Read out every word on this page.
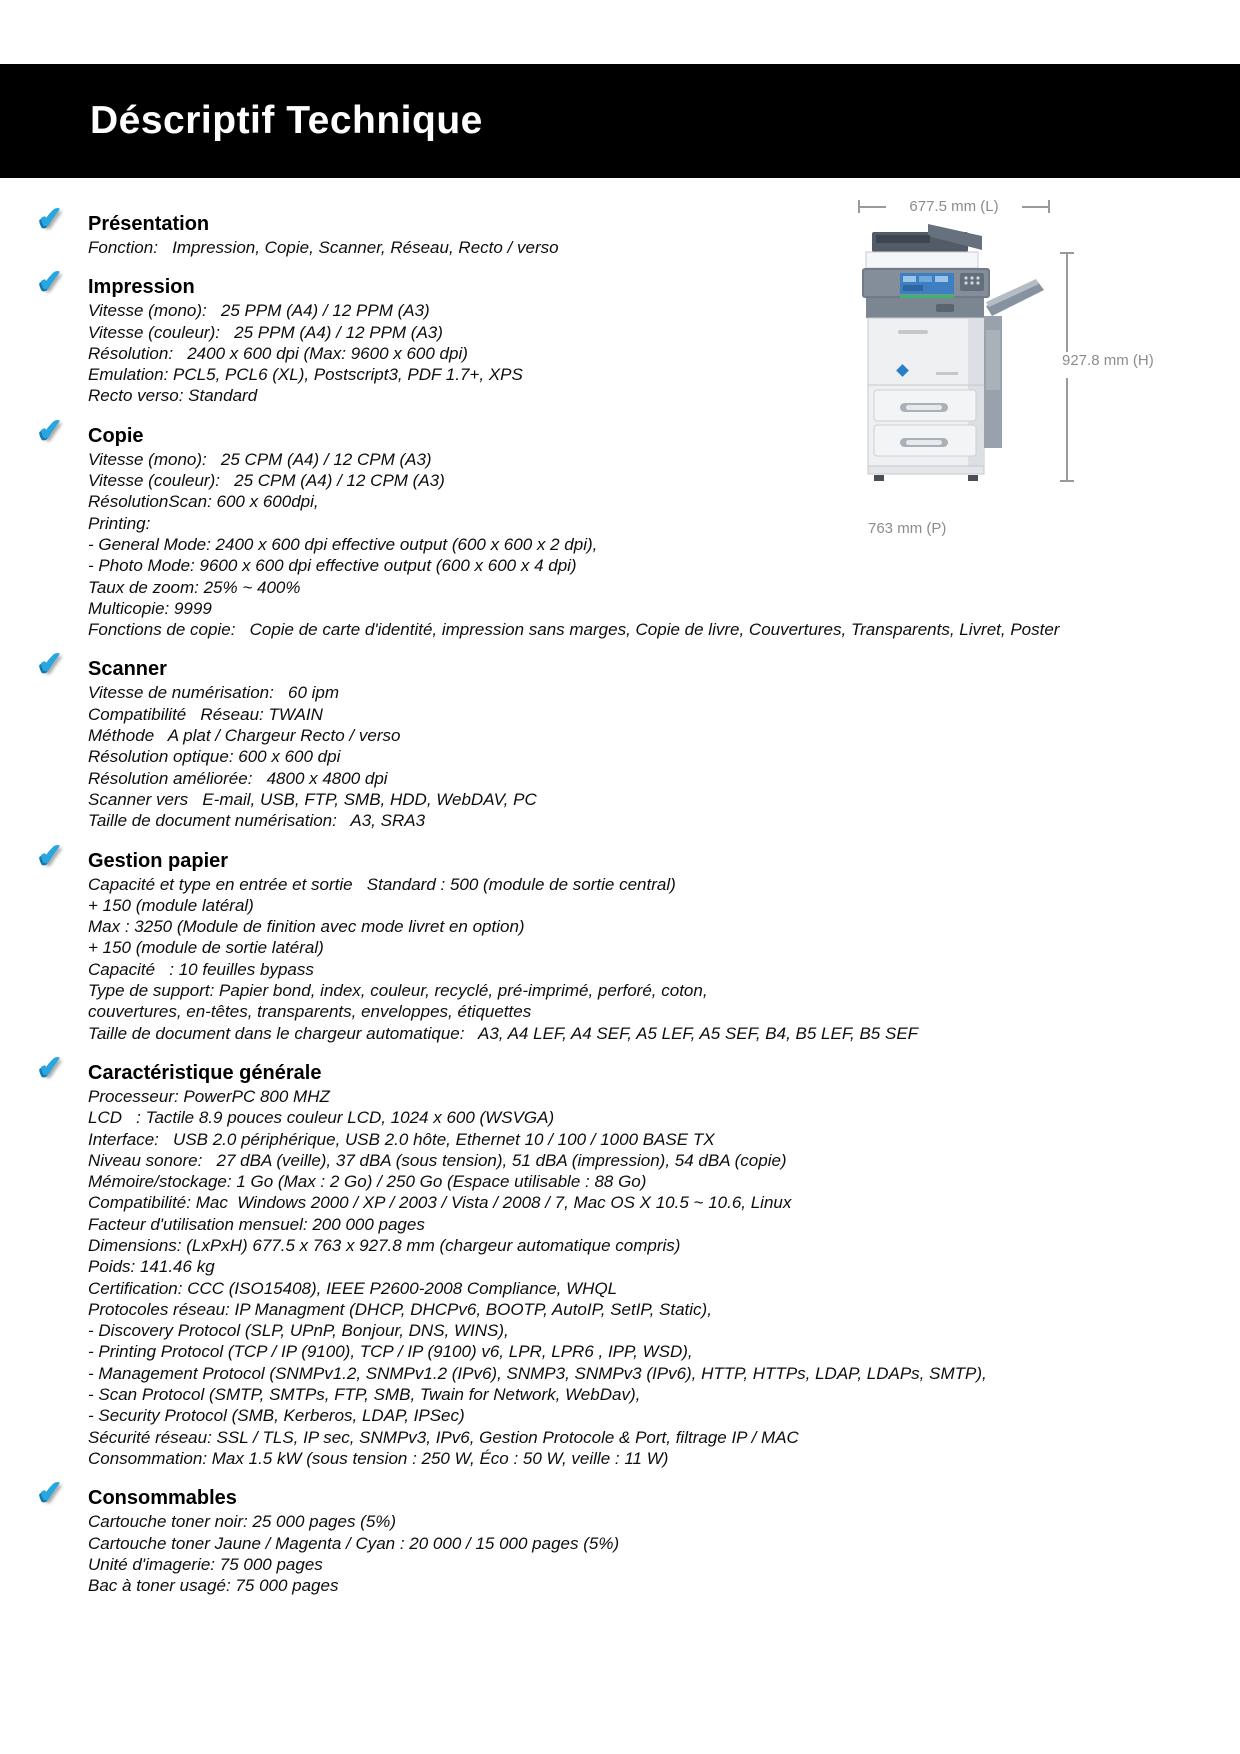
Déscriptif Technique
✔ Présentation
Fonction:   Impression, Copie, Scanner, Réseau, Recto / verso
✔ Impression
Vitesse (mono):   25 PPM (A4) / 12 PPM (A3)
Vitesse (couleur):   25 PPM (A4) / 12 PPM (A3)
Résolution:   2400 x 600 dpi (Max: 9600 x 600 dpi)
Emulation: PCL5, PCL6 (XL), Postscript3, PDF 1.7+, XPS
Recto verso: Standard
✔ Copie
Vitesse (mono):   25 CPM (A4) / 12 CPM (A3)
Vitesse (couleur):   25 CPM (A4) / 12 CPM (A3)
RésolutionScan: 600 x 600dpi,
Printing:
- General Mode: 2400 x 600 dpi effective output (600 x 600 x 2 dpi),
- Photo Mode: 9600 x 600 dpi effective output (600 x 600 x 4 dpi)
Taux de zoom: 25% ~ 400%
Multicopie: 9999
Fonctions de copie:   Copie de carte d'identité, impression sans marges, Copie de livre, Couvertures, Transparents, Livret, Poster
✔ Scanner
Vitesse de numérisation:   60 ipm
Compatibilité   Réseau: TWAIN
Méthode   A plat / Chargeur Recto / verso
Résolution optique: 600 x 600 dpi
Résolution améliorée:   4800 x 4800 dpi
Scanner vers   E-mail, USB, FTP, SMB, HDD, WebDAV, PC
Taille de document numérisation:   A3, SRA3
✔ Gestion papier
Capacité et type en entrée et sortie   Standard : 500 (module de sortie central)
+ 150 (module latéral)
Max : 3250 (Module de finition avec mode livret en option)
+ 150 (module de sortie latéral)
Capacité   : 10 feuilles bypass
Type de support: Papier bond, index, couleur, recyclé, pré-imprimé, perforé, coton,
couvertures, en-têtes, transparents, enveloppes, étiquettes
Taille de document dans le chargeur automatique:   A3, A4 LEF, A4 SEF, A5 LEF, A5 SEF, B4, B5 LEF, B5 SEF
✔ Caractéristique générale
Processeur: PowerPC 800 MHZ
LCD   : Tactile 8.9 pouces couleur LCD, 1024 x 600 (WSVGA)
Interface:   USB 2.0 périphérique, USB 2.0 hôte, Ethernet 10 / 100 / 1000 BASE TX
Niveau sonore:   27 dBA (veille), 37 dBA (sous tension), 51 dBA (impression), 54 dBA (copie)
Mémoire/stockage: 1 Go (Max : 2 Go) / 250 Go (Espace utilisable : 88 Go)
Compatibilité: Mac  Windows 2000 / XP / 2003 / Vista / 2008 / 7, Mac OS X 10.5 ~ 10.6, Linux
Facteur d'utilisation mensuel: 200 000 pages
Dimensions: (LxPxH) 677.5 x 763 x 927.8 mm (chargeur automatique compris)
Poids: 141.46 kg
Certification: CCC (ISO15408), IEEE P2600-2008 Compliance, WHQL
Protocoles réseau: IP Managment (DHCP, DHCPv6, BOOTP, AutoIP, SetIP, Static),
- Discovery Protocol (SLP, UPnP, Bonjour, DNS, WINS),
- Printing Protocol (TCP / IP (9100), TCP / IP (9100) v6, LPR, LPR6 , IPP, WSD),
- Management Protocol (SNMPv1.2, SNMPv1.2 (IPv6), SNMP3, SNMPv3 (IPv6), HTTP, HTTPs, LDAP, LDAPs, SMTP),
- Scan Protocol (SMTP, SMTPs, FTP, SMB, Twain for Network, WebDav),
- Security Protocol (SMB, Kerberos, LDAP, IPSec)
Sécurité réseau: SSL / TLS, IP sec, SNMPv3, IPv6, Gestion Protocole & Port, filtrage IP / MAC
Consommation: Max 1.5 kW (sous tension : 250 W, Éco : 50 W, veille : 11 W)
✔ Consommables
Cartouche toner noir: 25 000 pages (5%)
Cartouche toner Jaune / Magenta / Cyan : 20 000 / 15 000 pages (5%)
Unité d'imagerie: 75 000 pages
Bac à toner usagé: 75 000 pages
677.5 mm (L)
927.8 mm (H)
763 mm (P)
